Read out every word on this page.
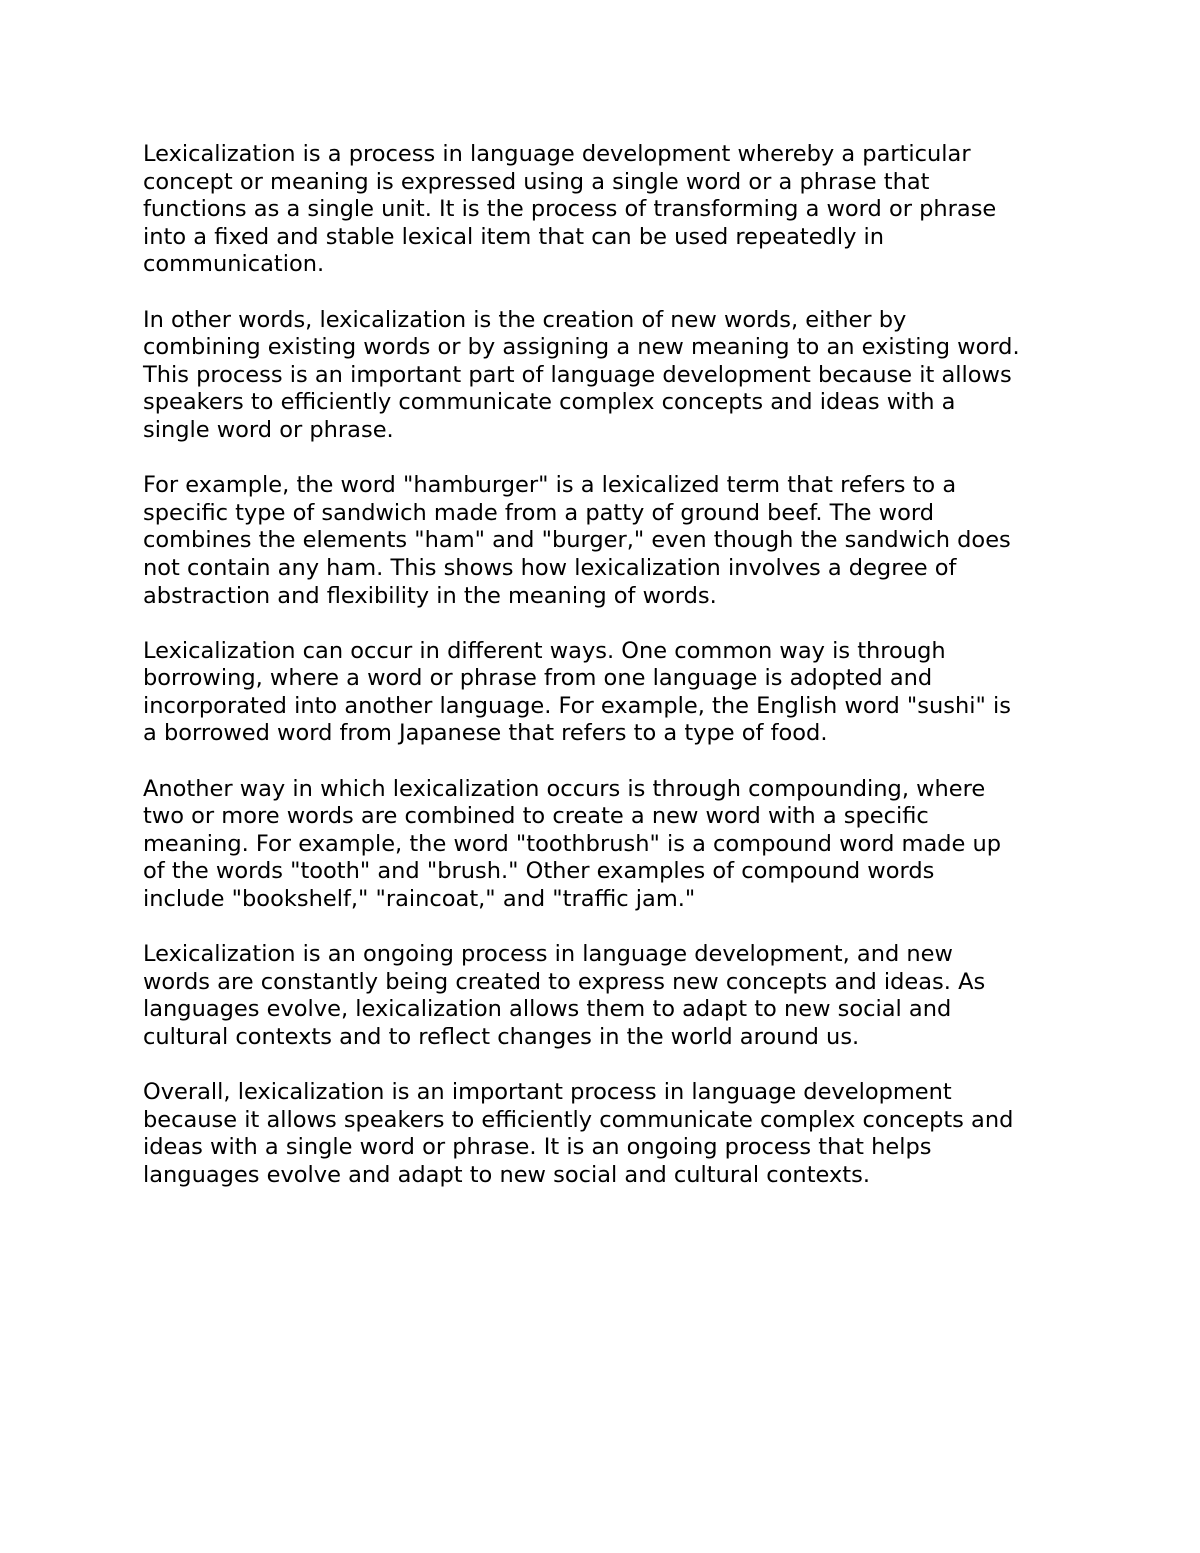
Lexicalization is a process in language development whereby a particular
concept or meaning is expressed using a single word or a phrase that
functions as a single unit. It is the process of transforming a word or phrase
into a fixed and stable lexical item that can be used repeatedly in
communication.

In other words, lexicalization is the creation of new words, either by
combining existing words or by assigning a new meaning to an existing word.
This process is an important part of language development because it allows
speakers to efficiently communicate complex concepts and ideas with a
single word or phrase.

For example, the word "hamburger" is a lexicalized term that refers to a
specific type of sandwich made from a patty of ground beef. The word
combines the elements "ham" and "burger," even though the sandwich does
not contain any ham. This shows how lexicalization involves a degree of
abstraction and flexibility in the meaning of words.

Lexicalization can occur in different ways. One common way is through
borrowing, where a word or phrase from one language is adopted and
incorporated into another language. For example, the English word "sushi" is
a borrowed word from Japanese that refers to a type of food.

Another way in which lexicalization occurs is through compounding, where
two or more words are combined to create a new word with a specific
meaning. For example, the word "toothbrush" is a compound word made up
of the words "tooth" and "brush." Other examples of compound words
include "bookshelf," "raincoat," and "traffic jam."

Lexicalization is an ongoing process in language development, and new
words are constantly being created to express new concepts and ideas. As
languages evolve, lexicalization allows them to adapt to new social and
cultural contexts and to reflect changes in the world around us.

Overall, lexicalization is an important process in language development
because it allows speakers to efficiently communicate complex concepts and
ideas with a single word or phrase. It is an ongoing process that helps
languages evolve and adapt to new social and cultural contexts.
